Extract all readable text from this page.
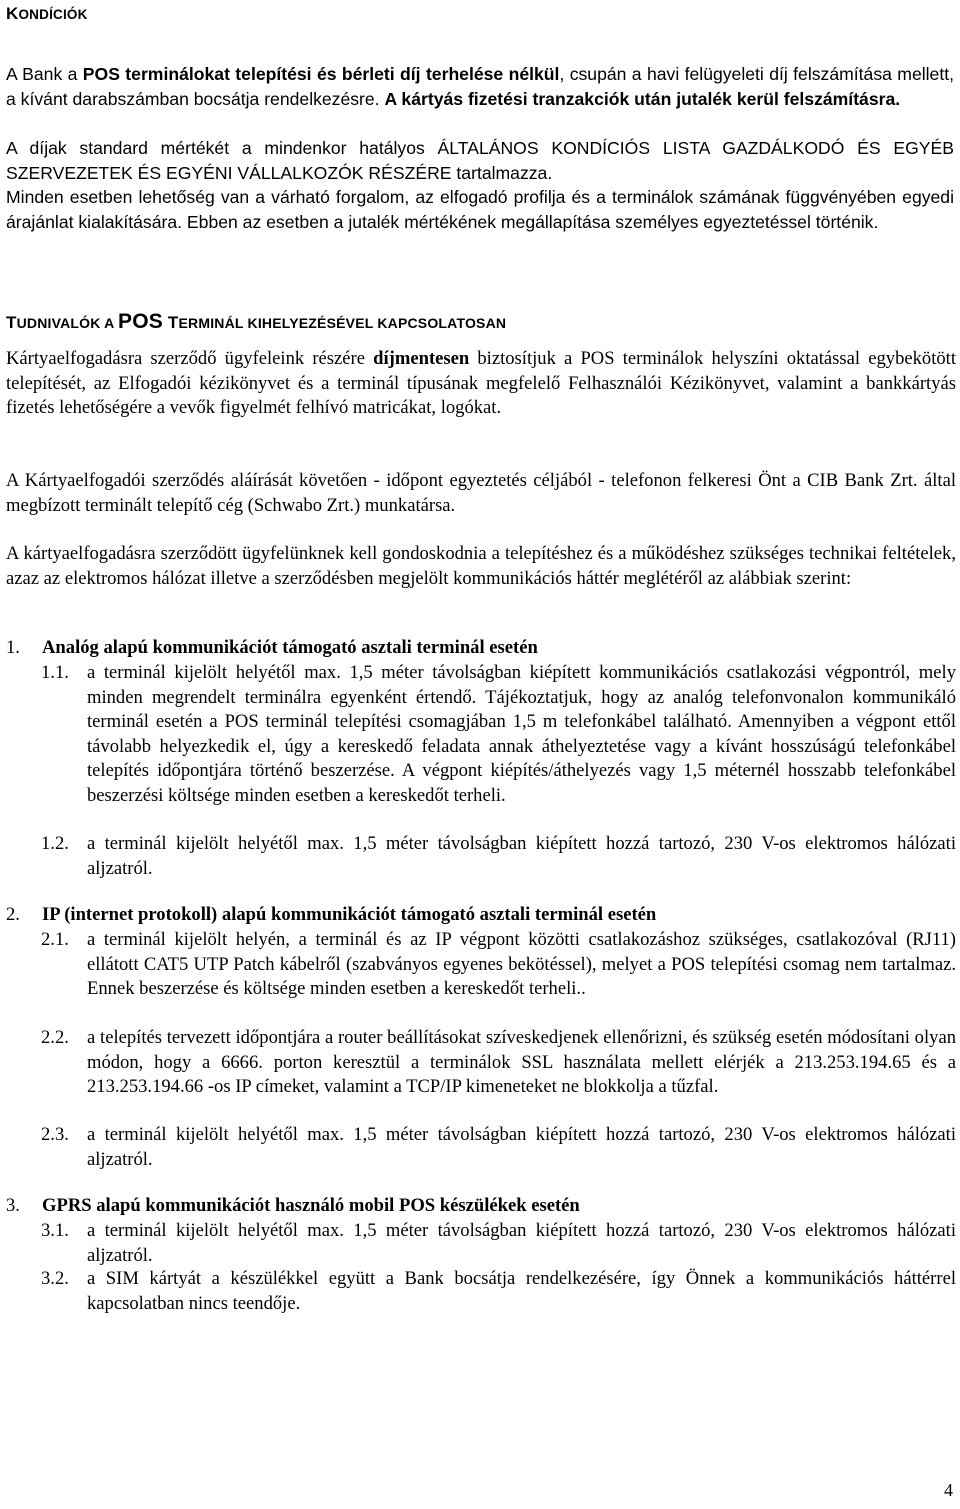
KONDÍCIÓK
A Bank a POS terminálokat telepítési és bérleti díj terhelése nélkül, csupán a havi felügyeleti díj felszámítása mellett, a kívánt darabszámban bocsátja rendelkezésre. A kártyás fizetési tranzakciók után jutalék kerül felszámításra.
A díjak standard mértékét a mindenkor hatályos ÁLTALÁNOS KONDÍCIÓS LISTA GAZDÁLKODÓ ÉS EGYÉB SZERVEZETEK ÉS EGYÉNI VÁLLALKOZÓK RÉSZÉRE tartalmazza.
Minden esetben lehetőség van a várható forgalom, az elfogadó profilja és a terminálok számának függvényében egyedi árajánlat kialakítására. Ebben az esetben a jutalék mértékének megállapítása személyes egyeztetéssel történik.
TUDNIVALÓK A POS TERMINÁL KIHELYEZÉSÉVEL KAPCSOLATOSAN
Kártyaelfogadásra szerződő ügyfeleink részére díjmentesen biztosítjuk a POS terminálok helyszíni oktatással egybekötött telepítését, az Elfogadói kézikönyvet és a terminál típusának megfelelő Felhasználói Kézikönyvet, valamint a bankkártyás fizetés lehetőségére a vevők figyelmét felhívó matricákat, logókat.
A Kártyaelfogadói szerződés aláírását követően - időpont egyeztetés céljából - telefonon felkeresi Önt a CIB Bank Zrt. által megbízott terminált telepítő cég (Schwabo Zrt.) munkatársa.
A kártyaelfogadásra szerződött ügyfelünknek kell gondoskodnia a telepítéshez és a működéshez szükséges technikai feltételek, azaz az elektromos hálózat illetve a szerződésben megjelölt kommunikációs háttér meglétéről az alábbiak szerint:
1. Analóg alapú kommunikációt támogató asztali terminál esetén
1.1. a terminál kijelölt helyétől max. 1,5 méter távolságban kiépített kommunikációs csatlakozási végpontról, mely minden megrendelt terminálra egyenként értendő. Tájékoztatjuk, hogy az analóg telefonvonalon kommunikáló terminál esetén a POS terminál telepítési csomagjában 1,5 m telefonkábel található. Amennyiben a végpont ettől távolabb helyezkedik el, úgy a kereskedő feladata annak áthelyeztetése vagy a kívánt hosszúságú telefonkábel telepítés időpontjára történő beszerzése. A végpont kiépítés/áthelyezés vagy 1,5 méternél hosszabb telefonkábel beszerzési költsége minden esetben a kereskedőt terheli.
1.2. a terminál kijelölt helyétől max. 1,5 méter távolságban kiépített hozzá tartozó, 230 V-os elektromos hálózati aljzatról.
2. IP (internet protokoll) alapú kommunikációt támogató asztali terminál esetén
2.1. a terminál kijelölt helyén, a terminál és az IP végpont közötti csatlakozáshoz szükséges, csatlakozóval (RJ11) ellátott CAT5 UTP Patch kábelről (szabványos egyenes bekötéssel), melyet a POS telepítési csomag nem tartalmaz. Ennek beszerzése és költsége minden esetben a kereskedőt terheli..
2.2. a telepítés tervezett időpontjára a router beállításokat szíveskedjenek ellenőrizni, és szükség esetén módosítani olyan módon, hogy a 6666. porton keresztül a terminálok SSL használata mellett elérjék a 213.253.194.65 és a 213.253.194.66 -os IP címeket, valamint a TCP/IP kimeneteket ne blokkolja a tűzfal.
2.3. a terminál kijelölt helyétől max. 1,5 méter távolságban kiépített hozzá tartozó, 230 V-os elektromos hálózati aljzatról.
3. GPRS alapú kommunikációt használó mobil POS készülékek esetén
3.1. a terminál kijelölt helyétől max. 1,5 méter távolságban kiépített hozzá tartozó, 230 V-os elektromos hálózati aljzatról.
3.2. a SIM kártyát a készülékkel együtt a Bank bocsátja rendelkezésére, így Önnek a kommunikációs háttérrel kapcsolatban nincs teendője.
4
